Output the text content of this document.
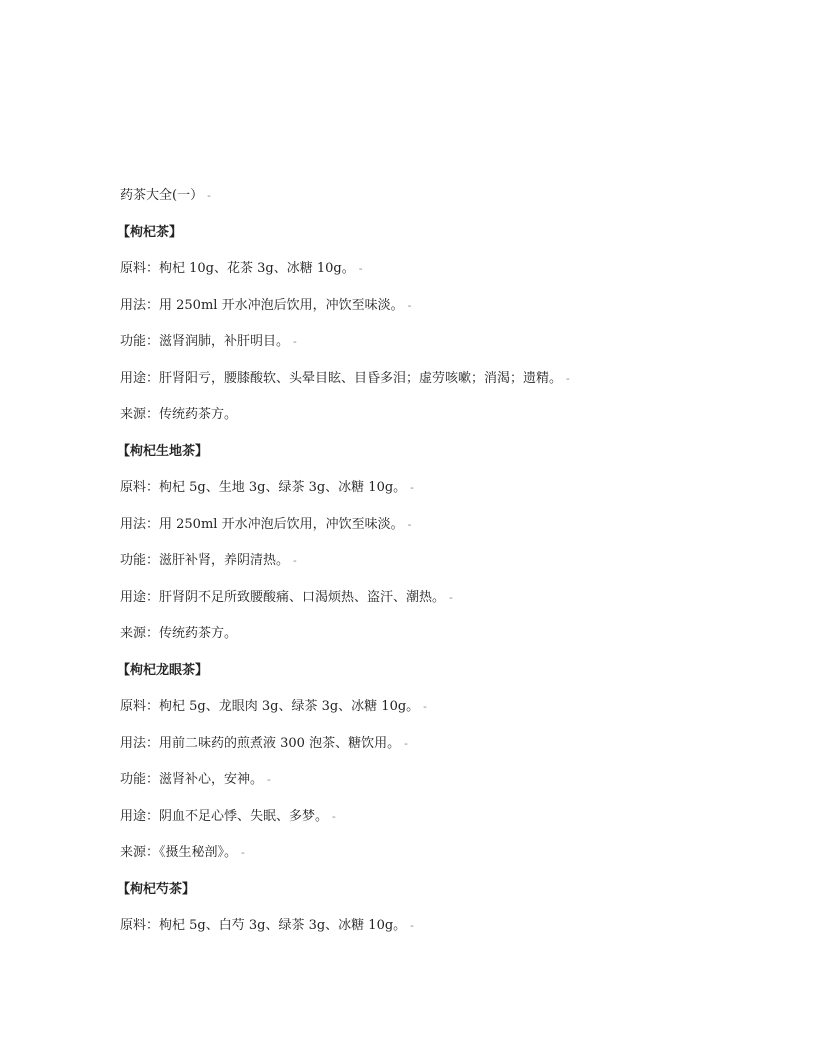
药茶大全(一） -
【枸杞茶】
原料：枸杞 10g、花茶 3g、冰糖 10g。 -
用法：用 250ml 开水冲泡后饮用，冲饮至味淡。 -
功能：滋肾润肺，补肝明目。 -
用途：肝肾阳亏，腰膝酸软、头晕目眩、目昏多泪；虚劳咳嗽；消渴；遗精。 -
来源：传统药茶方。
【枸杞生地茶】
原料：枸杞 5g、生地 3g、绿茶 3g、冰糖 10g。 -
用法：用 250ml 开水冲泡后饮用，冲饮至味淡。 -
功能：滋肝补肾，养阴清热。 -
用途：肝肾阴不足所致腰酸痛、口渴烦热、盗汗、潮热。 -
来源：传统药茶方。
【枸杞龙眼茶】
原料：枸杞 5g、龙眼肉 3g、绿茶 3g、冰糖 10g。 -
用法：用前二味药的煎煮液 300 泡茶、糖饮用。 -
功能：滋肾补心，安神。 -
用途：阴血不足心悸、失眠、多梦。 -
来源：《摄生秘剖》。 -
【枸杞芍茶】
原料：枸杞 5g、白芍 3g、绿茶 3g、冰糖 10g。 -
